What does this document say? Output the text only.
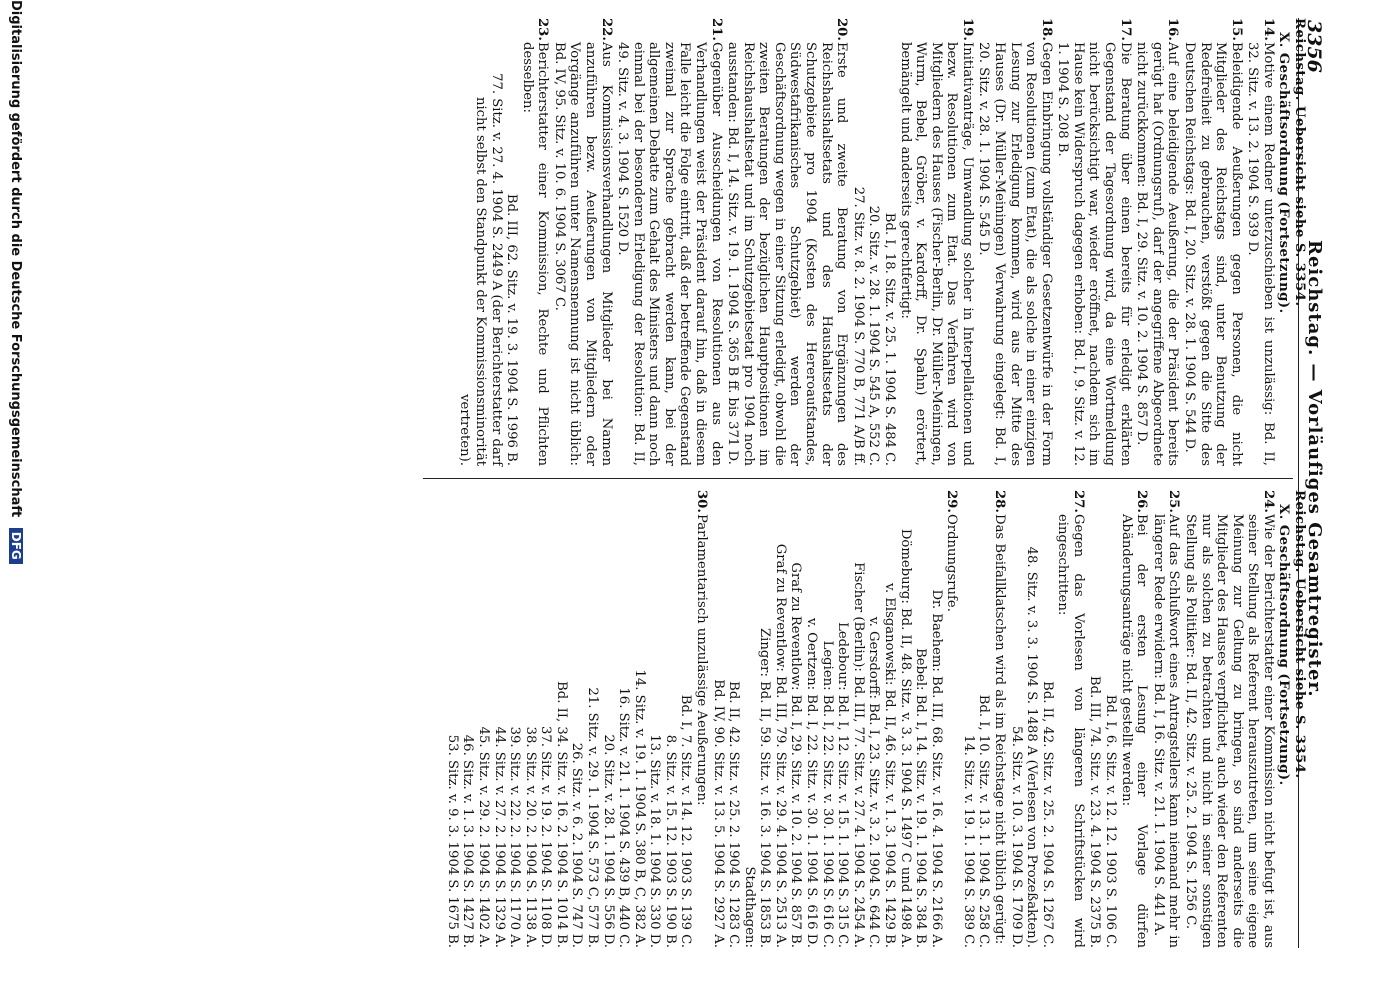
3356
Reichstag. — Vorläufiges Gesamtregister.

Reichstag. Uebersicht siehe S. 3354.

X. Geschäftsordnung (Fortsetzung).

14.
Motive einem Redner unterzuschieben ist unzulässig: Bd. II, 32. Sitz. v. 13. 2. 1904 S. 939 D.
15.
Beleidigende Aeußerungen gegen Personen, die nicht Mitglieder des Reichstags sind, unter Benutzung der Redefreiheit zu gebrauchen, verstößt gegen die Sitte des Deutschen Reichstags: Bd. I, 20. Sitz. v. 28. 1. 1904 S. 544 D.
16.
Auf eine beleidigende Aeußerung, die der Präsident bereits gerügt hat (Ordnungsruf), darf der angegriffene Abgeordnete nicht zurückkommen: Bd. I, 29. Sitz. v. 10. 2. 1904 S. 857 D.
17.
Die Beratung über einen bereits für erledigt erklärten Gegenstand der Tagesordnung wird, da eine Wortmeldung nicht berücksichtigt war, wieder eröffnet, nachdem sich im Hause kein Widerspruch dagegen erhoben: Bd. I, 9. Sitz. v. 12. 1. 1904 S. 208 B.
18.
Gegen Einbringung vollständiger Gesetzentwürfe in der Form von Resolutionen (zum Etat), die als solche in einer einzigen Lesung zur Erledigung kommen, wird aus der Mitte des Hauses (Dr. Müller-Meiningen) Verwahrung eingelegt: Bd. I, 20. Sitz. v. 28. 1. 1904 S. 545 D.
19.
Initiativanträge, Umwandlung solcher in Interpellationen und bezw. Resolutionen zum Etat. Das Verfahren wird von Mitgliedern des Hauses (Fischer-Berlin, Dr. Müller-Meiningen, Wurm, Bebel, Gröber, v. Kardorff, Dr. Spahn) erörtert, bemängelt und anderseits gerechtfertigt:
Bd. I, 18. Sitz. v. 25. 1. 1904 S. 484 C.
20. Sitz. v. 28. 1. 1904 S. 545 A, 552 C.
27. Sitz. v. 8. 2. 1904 S. 770 B, 771 A/B ff.
20.
Erste und zweite Beratung von Ergänzungen des Reichshaushaltsetats und des Haushaltsetats der Schutzgebiete pro 1904 (Kosten des Hereroaufstandes, Südwestafrikanisches Schutzgebiet) werden der Geschäftsordnung wegen in einer Sitzung erledigt, obwohl die zweiten Beratungen der bezüglichen Hauptpositionen im Reichshaushaltsetat und im Schutzgebietsetat pro 1904 noch ausstanden: Bd. I, 14. Sitz. v. 19. 1. 1904 S. 365 B ff. bis 371 D.
21.
Gegenüber Ausscheidungen von Resolutionen aus den Verhandlungen weist der Präsident darauf hin, daß in diesem Falle leicht die Folge eintritt, daß der betreffende Gegenstand zweimal zur Sprache gebracht werden kann, bei der allgemeinen Debatte zum Gehalt des Ministers und dann noch einmal bei der besonderen Erledigung der Resolution: Bd. II, 49. Sitz. v. 4. 3. 1904 S. 1520 D.
22.
Aus Kommissionsverhandlungen Mitglieder bei Namen anzuführen bezw. Aeußerungen von Mitgliedern oder Vorgänge anzuführen unter Namensnennung ist nicht üblich: Bd. IV, 95. Sitz. v. 10. 6. 1904 S. 3067 C.
23.
Berichterstatter einer Kommission, Rechte und Pflichten desselben:
Bd. III, 62. Sitz. v. 19. 3. 1904 S. 1996 B.
77. Sitz. v. 27. 4. 1904 S. 2449 A (der Berichterstatter darf nicht selbst den Standpunkt der Kommissionsminorität vertreten).

Reichstag. Uebersicht siehe S. 3354.

X. Geschäftsordnung (Fortsetzung).

24.
Wie der Berichterstatter einer Kommission nicht befugt ist, aus seiner Stellung als Referent herauszutreten, um seine eigene Meinung zur Geltung zu bringen, so sind anderseits die Mitglieder des Hauses verpflichtet, auch wieder den Referenten nur als solchen zu betrachten und nicht in seiner sonstigen Stellung als Politiker: Bd. II, 42. Sitz. v. 25. 2. 1904 S. 1256 C.
25.
Auf das Schlußwort eines Antragstellers kann niemand mehr in längerer Rede erwidern: Bd. I, 16. Sitz. v. 21. 1. 1904 S. 441 A.
26.
Bei der ersten Lesung einer Vorlage dürfen Abänderungsanträge nicht gestellt werden:
Bd. I, 6. Sitz. v. 12. 12. 1903 S. 106 C.
Bd. III, 74. Sitz. v. 23. 4. 1904 S. 2375 B.
27.
Gegen das Vorlesen von längeren Schriftstücken wird eingeschritten:
Bd. II, 42. Sitz. v. 25. 2. 1904 S. 1267 C.
48. Sitz. v. 3. 3. 1904 S. 1488 A (Verlesen von Prozeßakten).
54. Sitz. v. 10. 3. 1904 S. 1709 D.
28.
Das Beifallklatschen wird als im Reichstage nicht üblich gerügt:
Bd. I, 10. Sitz. v. 13. 1. 1904 S. 258 C.
14. Sitz. v. 19. 1. 1904 S. 389 C.
29.
Ordnungsrufe.
Dr. Baehem: Bd. III, 68. Sitz. v. 16. 4. 1904 S. 2166 A.
Bebel: Bd. I, 14. Sitz. v. 19. 1. 1904 S. 384 B.
Dömeburg: Bd. II, 48. Sitz. v. 3. 3. 1904 S. 1497 C und 1498 A.
v. Elsganowski: Bd. II, 46. Sitz. v. 1. 3. 1904 S. 1429 B.
v. Gersdorff: Bd. I, 23. Sitz. v. 3. 2. 1904 S. 644 C.
Fischer (Berlin): Bd. III, 77. Sitz. v. 27. 4. 1904 S. 2454 A.
Ledebour: Bd. I, 12. Sitz. v. 15. 1. 1904 S. 315 C.
Legien: Bd. I, 22. Sitz. v. 30. 1. 1904 S. 616 C.
v. Oertzen: Bd. I, 22. Sitz. v. 30. 1. 1904 S. 616 D.
Graf zu Reventlow: Bd. I, 29. Sitz. v. 10. 2. 1904 S. 857 B.
Graf zu Reventlow: Bd. III, 79. Sitz. v. 29. 4. 1904 S. 2513 A.
Zinger: Bd. II, 59. Sitz. v. 16. 3. 1904 S. 1853 B.
Stadthagen:
Bd. II, 42. Sitz. v. 25. 2. 1904 S. 1283 C.
Bd. IV, 90. Sitz. v. 13. 5. 1904 S. 2927 A.
30.
Parlamentarisch unzulässige Aeußerungen:
Bd. I, 7. Sitz. v. 14. 12. 1903 S. 139 C.
8. Sitz. v. 15. 12. 1903 S. 190 B.
13. Sitz. v. 18. 1. 1904 S. 330 D.
14. Sitz. v. 19. 1. 1904 S. 380 B, C, 382 A.
16. Sitz. v. 21. 1. 1904 S. 439 B, 440 C.
20. Sitz. v. 28. 1. 1904 S. 556 D.
21. Sitz. v. 29. 1. 1904 S. 573 C, 577 B.
26. Sitz. v. 6. 2. 1904 S. 747 D.
Bd. II, 34. Sitz. v. 16. 2. 1904 S. 1014 B.
37. Sitz. v. 19. 2. 1904 S. 1108 D.
38. Sitz. v. 20. 2. 1904 S. 1138 A.
39. Sitz. v. 22. 2. 1904 S. 1170 A.
44. Sitz. v. 27. 2. 1904 S. 1329 A.
45. Sitz. v. 29. 2. 1904 S. 1402 A.
46. Sitz. v. 1. 3. 1904 S. 1427 B.
53. Sitz. v. 9. 3. 1904 S. 1675 B.
Digitalisierung gefördert durch die Deutsche Forschungsgemeinschaft DFG
